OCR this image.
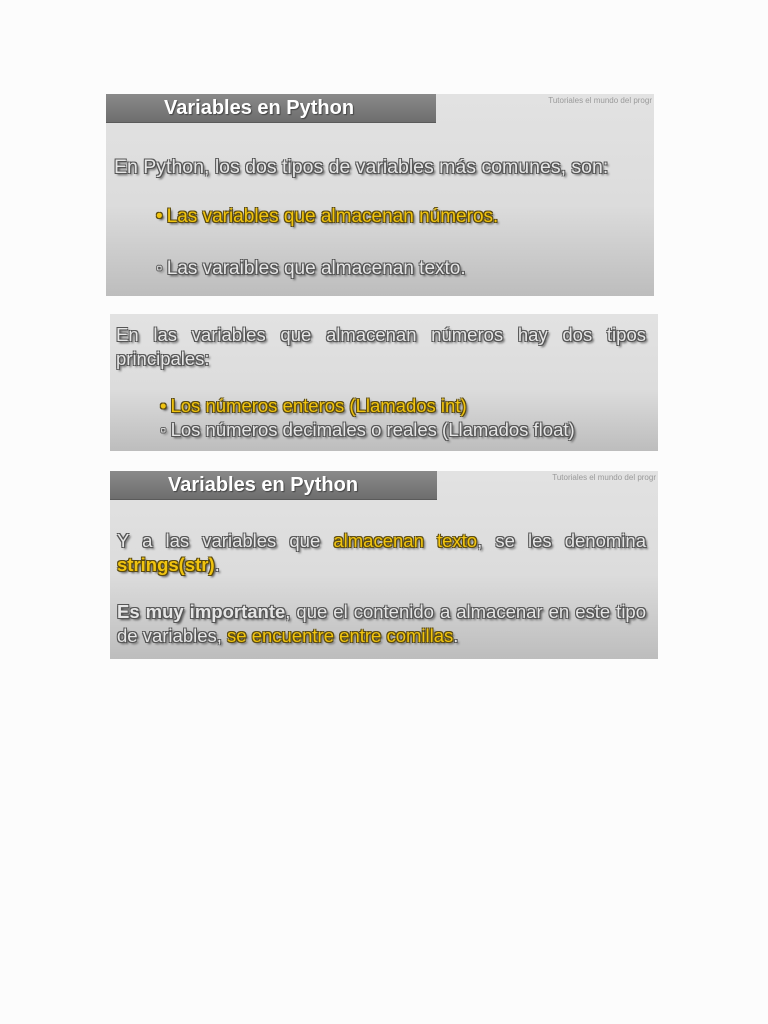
Variables en Python	Tutoriales el mundo del progr
En Python, los dos tipos de variables más comunes, son:
• Las variables que almacenan números.
◦ Las varaibles que almacenan texto.
En las variables que almacenan números hay dos tipos
principales:
• Los números enteros (Llamados int)
◦ Los números decimales o reales (Llamados float)
Variables en Python	Tutoriales el mundo del progr
Y a las variables que almacenan texto, se les denomina strings(str).
Es muy importante, que el contenido a almacenar en este tipo de variables, se encuentre entre comillas.
